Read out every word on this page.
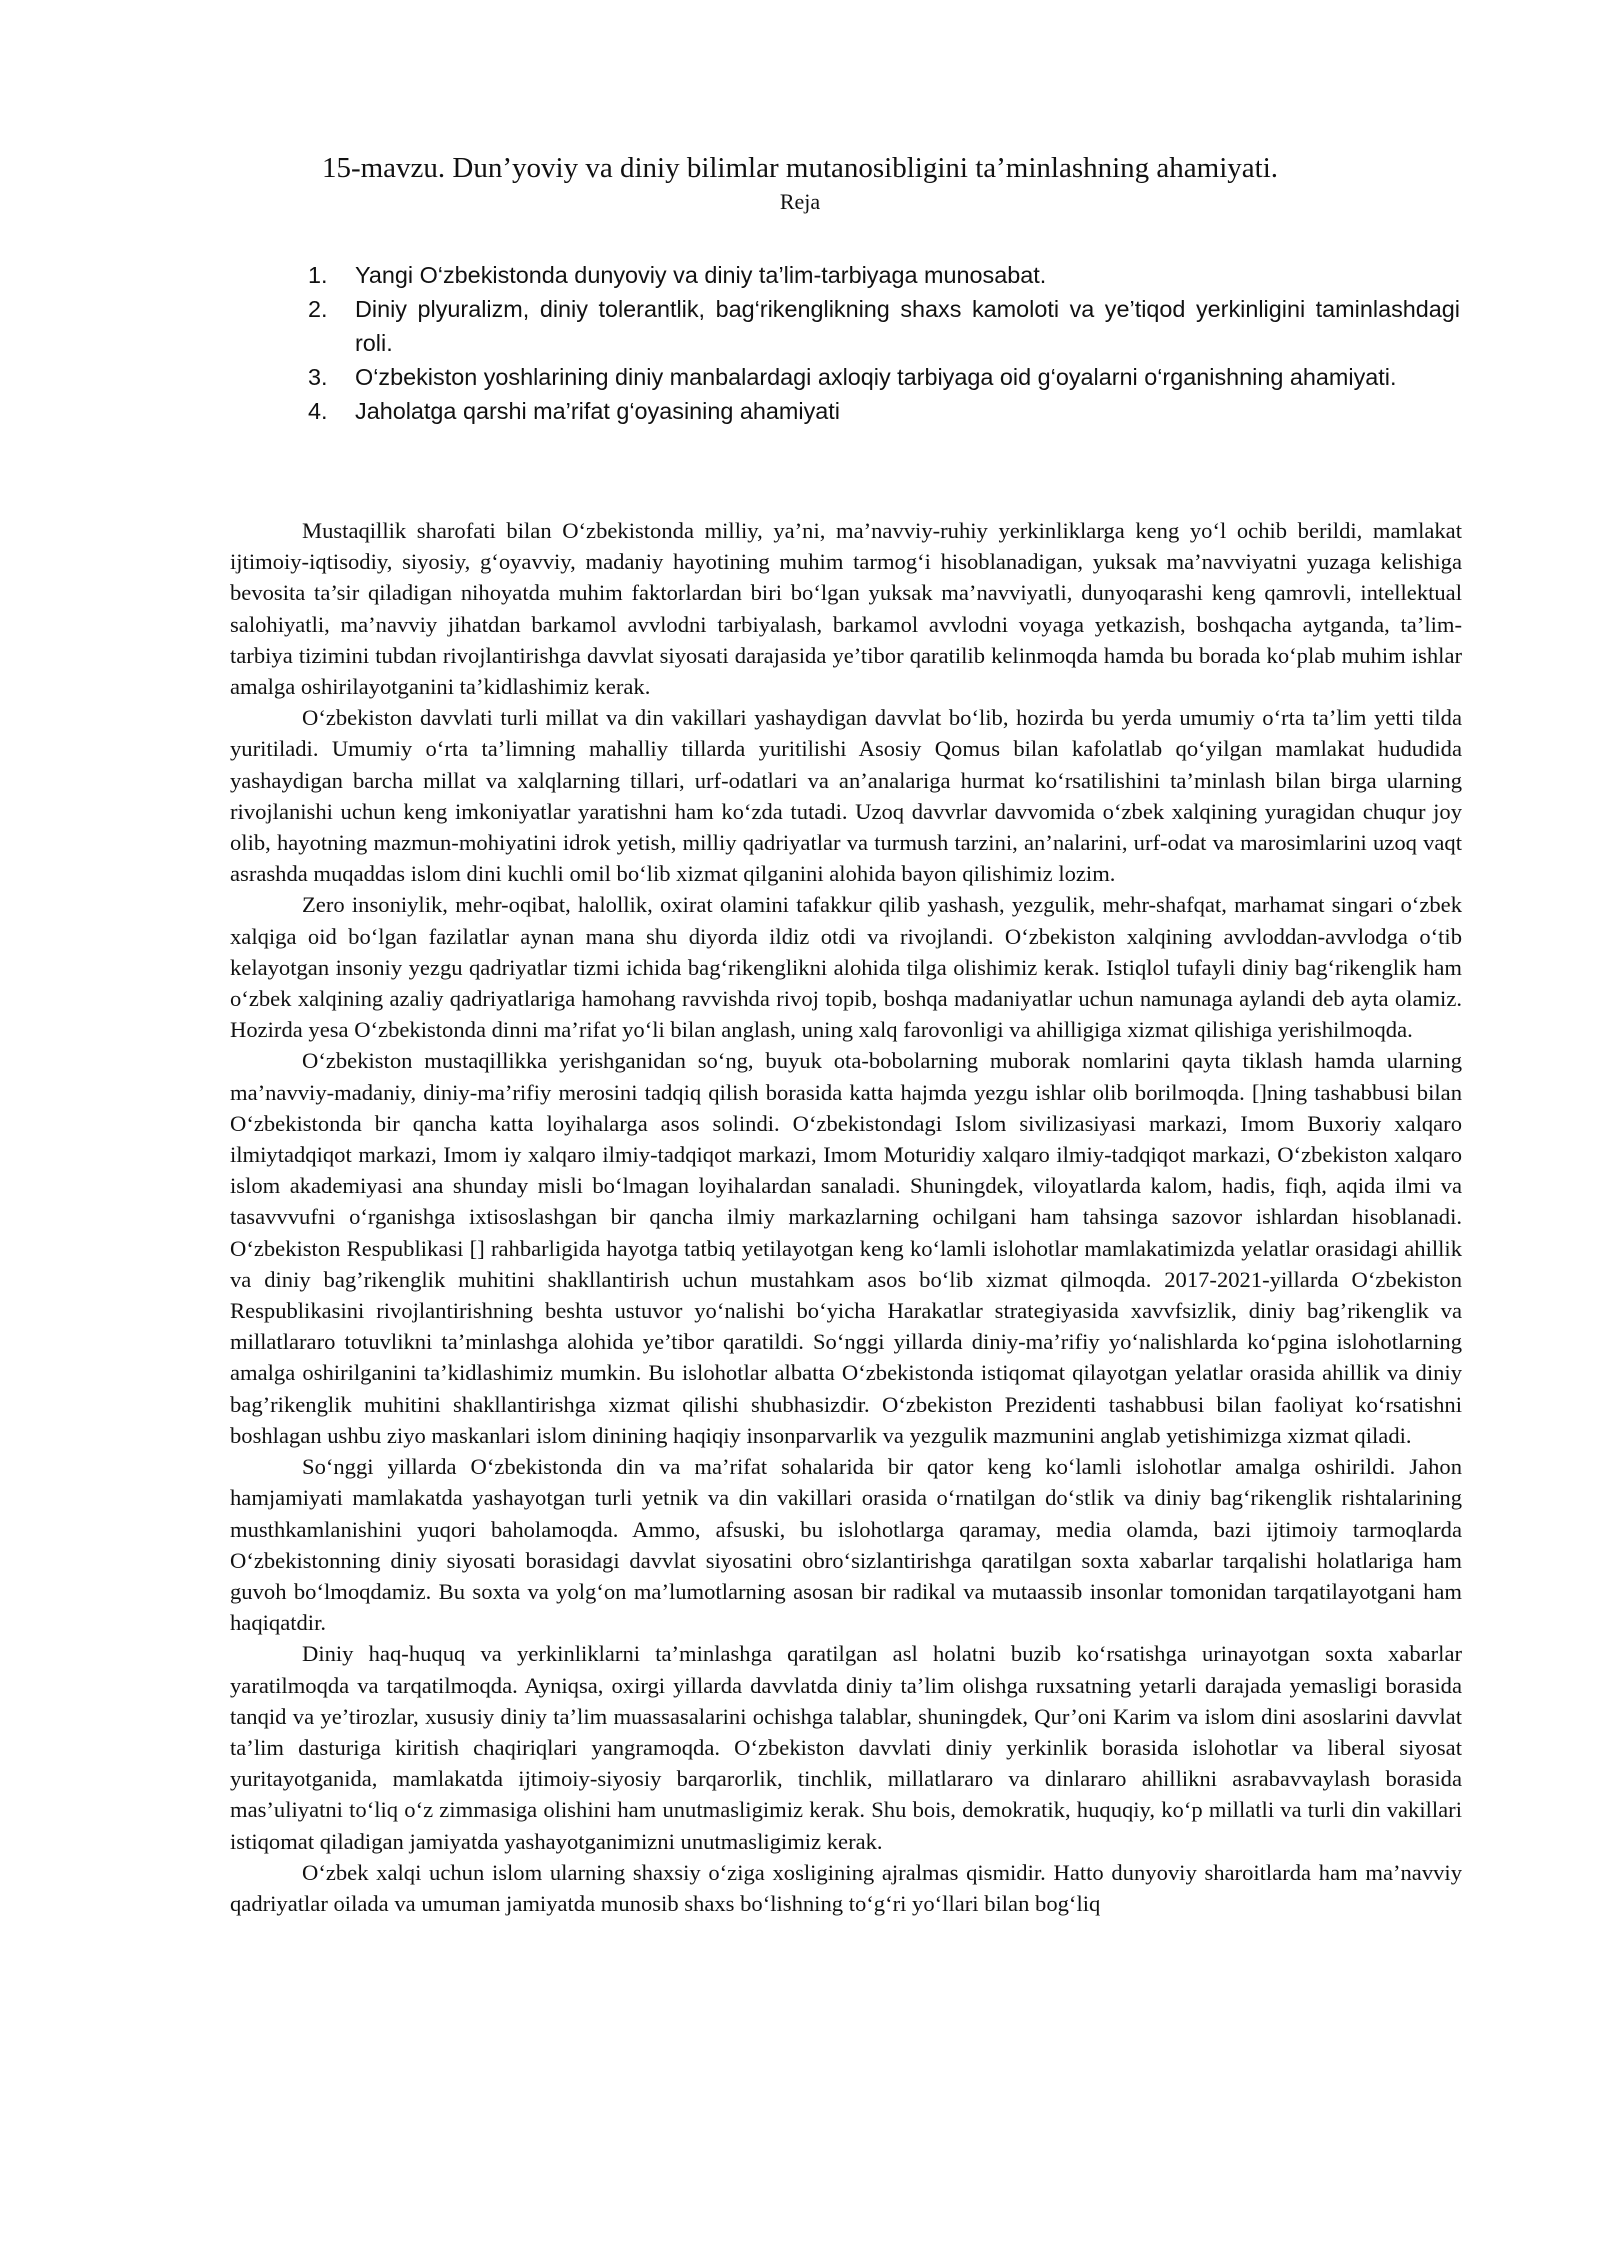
15-mavzu. Dun’yoviy va diniy bilimlar mutanosibligini ta’minlashning ahamiyati.
Reja
1. Yangi O‘zbekistonda dunyoviy va diniy ta’lim-tarbiyaga munosabat.
2. Diniy plyuralizm, diniy tolerantlik, bag‘rikenglikning shaxs kamoloti va ye’tiqod yerkinligini taminlashdagi roli.
3. O‘zbekiston yoshlarining diniy manbalardagi axloqiy tarbiyaga oid g‘oyalarni o‘rganishning ahamiyati.
4. Jaholatga qarshi ma’rifat g‘oyasining ahamiyati

Mustaqillik sharofati bilan O‘zbekistonda milliy, ya’ni, ma’navviy-ruhiy yerkinliklarga keng yo‘l ochib berildi, mamlakat ijtimoiy-iqtisodiy, siyosiy, g‘oyavviy, madaniy hayotining muhim tarmog‘i hisoblanadigan, yuksak ma’navviyatni yuzaga kelishiga bevosita ta’sir qiladigan nihoyatda muhim faktorlardan biri bo‘lgan yuksak ma’navviyatli, dunyoqarashi keng qamrovli, intellektual salohiyatli, ma’navviy jihatdan barkamol avvlodni tarbiyalash, barkamol avvlodni voyaga yetkazish, boshqacha aytganda, ta’lim-tarbiya tizimini tubdan rivojlantirishga davvlat siyosati darajasida ye’tibor qaratilib kelinmoqda hamda bu borada ko‘plab muhim ishlar amalga oshirilayotganini ta’kidlashimiz kerak.

O‘zbekiston davvlati turli millat va din vakillari yashaydigan davvlat bo‘lib, hozirda bu yerda umumiy o‘rta ta’lim yetti tilda yuritiladi. Umumiy o‘rta ta’limning mahalliy tillarda yuritilishi Asosiy Qomus bilan kafolatlab qo‘yilgan mamlakat hududida yashaydigan barcha millat va xalqlarning tillari, urf-odatlari va an’analariga hurmat ko‘rsatilishini ta’minlash bilan birga ularning rivojlanishi uchun keng imkoniyatlar yaratishni ham ko‘zda tutadi. Uzoq davvrlar davvomida o‘zbek xalqining yuragidan chuqur joy olib, hayotning mazmun-mohiyatini idrok yetish, milliy qadriyatlar va turmush tarzini, an’nalarini, urf-odat va marosimlarini uzoq vaqt asrashda muqaddas islom dini kuchli omil bo‘lib xizmat qilganini alohida bayon qilishimiz lozim.

Zero insoniylik, mehr-oqibat, halollik, oxirat olamini tafakkur qilib yashash, yezgulik, mehr-shafqat, marhamat singari o‘zbek xalqiga oid bo‘lgan fazilatlar aynan mana shu diyorda ildiz otdi va rivojlandi. O‘zbekiston xalqining avvloddan-avvlodga o‘tib kelayotgan insoniy yezgu qadriyatlar tizmi ichida bag‘rikenglikni alohida tilga olishimiz kerak. Istiqlol tufayli diniy bag‘rikenglik ham o‘zbek xalqining azaliy qadriyatlariga hamohang ravvishda rivoj topib, boshqa madaniyatlar uchun namunaga aylandi deb ayta olamiz. Hozirda yesa O‘zbekistonda dinni ma’rifat yo‘li bilan anglash, uning xalq farovonligi va ahilligiga xizmat qilishiga yerishilmoqda.

O‘zbekiston mustaqillikka yerishganidan so‘ng, buyuk ota-bobolarning muborak nomlarini qayta tiklash hamda ularning ma’navviy-madaniy, diniy-ma’rifiy merosini tadqiq qilish borasida katta hajmda yezgu ishlar olib borilmoqda. []ning tashabbusi bilan O‘zbekistonda bir qancha katta loyihalarga asos solindi. O‘zbekistondagi Islom sivilizasiyasi markazi, Imom Buxoriy xalqaro ilmiytadqiqot markazi, Imom iy xalqaro ilmiy-tadqiqot markazi, Imom Moturidiy xalqaro ilmiy-tadqiqot markazi, O‘zbekiston xalqaro islom akademiyasi ana shunday misli bo‘lmagan loyihalardan sanaladi. Shuningdek, viloyatlarda kalom, hadis, fiqh, aqida ilmi va tasavvvufni o‘rganishga ixtisoslashgan bir qancha ilmiy markazlarning ochilgani ham tahsinga sazovor ishlardan hisoblanadi. O‘zbekiston Respublikasi [] rahbarligida hayotga tatbiq yetilayotgan keng ko‘lamli islohotlar mamlakatimizda yelatlar orasidagi ahillik va diniy bag’rikenglik muhitini shakllantirish uchun mustahkam asos bo‘lib xizmat qilmoqda. 2017-2021-yillarda O‘zbekiston Respublikasini rivojlantirishning beshta ustuvor yo‘nalishi bo‘yicha Harakatlar strategiyasida xavvfsizlik, diniy bag’rikenglik va millatlararo totuvlikni ta’minlashga alohida ye’tibor qaratildi. So‘nggi yillarda diniy-ma’rifiy yo‘nalishlarda ko‘pgina islohotlarning amalga oshirilganini ta’kidlashimiz mumkin. Bu islohotlar albatta O‘zbekistonda istiqomat qilayotgan yelatlar orasida ahillik va diniy bag’rikenglik muhitini shakllantirishga xizmat qilishi shubhasizdir. O‘zbekiston Prezidenti tashabbusi bilan faoliyat ko‘rsatishni boshlagan ushbu ziyo maskanlari islom dinining haqiqiy insonparvarlik va yezgulik mazmunini anglab yetishimizga xizmat qiladi.

So‘nggi yillarda O‘zbekistonda din va ma’rifat sohalarida bir qator keng ko‘lamli islohotlar amalga oshirildi. Jahon hamjamiyati mamlakatda yashayotgan turli yetnik va din vakillari orasida o‘rnatilgan do‘stlik va diniy bag‘rikenglik rishtalarining musthkamlanishini yuqori baholamoqda. Ammo, afsuski, bu islohotlarga qaramay, media olamda, bazi ijtimoiy tarmoqlarda O‘zbekistonning diniy siyosati borasidagi davvlat siyosatini obro‘sizlantirishga qaratilgan soxta xabarlar tarqalishi holatlariga ham guvoh bo‘lmoqdamiz. Bu soxta va yolg‘on ma’lumotlarning asosan bir radikal va mutaassib insonlar tomonidan tarqatilayotgani ham haqiqatdir.

Diniy haq-huquq va yerkinliklarni ta’minlashga qaratilgan asl holatni buzib ko‘rsatishga urinayotgan soxta xabarlar yaratilmoqda va tarqatilmoqda. Ayniqsa, oxirgi yillarda davvlatda diniy ta’lim olishga ruxsatning yetarli darajada yemasligi borasida tanqid va ye’tirozlar, xususiy diniy ta’lim muassasalarini ochishga talablar, shuningdek, Qur’oni Karim va islom dini asoslarini davvlat ta’lim dasturiga kiritish chaqiriqlari yangramoqda. O‘zbekiston davvlati diniy yerkinlik borasida islohotlar va liberal siyosat yuritayotganida, mamlakatda ijtimoiy-siyosiy barqarorlik, tinchlik, millatlararo va dinlararo ahillikni asrabavvaylash borasida mas’uliyatni to‘liq o‘z zimmasiga olishini ham unutmasligimiz kerak. Shu bois, demokratik, huquqiy, ko‘p millatli va turli din vakillari istiqomat qiladigan jamiyatda yashayotganimizni unutmasligimiz kerak.

O‘zbek xalqi uchun islom ularning shaxsiy o‘ziga xosligining ajralmas qismidir. Hatto dunyoviy sharoitlarda ham ma’navviy qadriyatlar oilada va umuman jamiyatda munosib shaxs bo‘lishning to‘g‘ri yo‘llari bilan bog‘liq
